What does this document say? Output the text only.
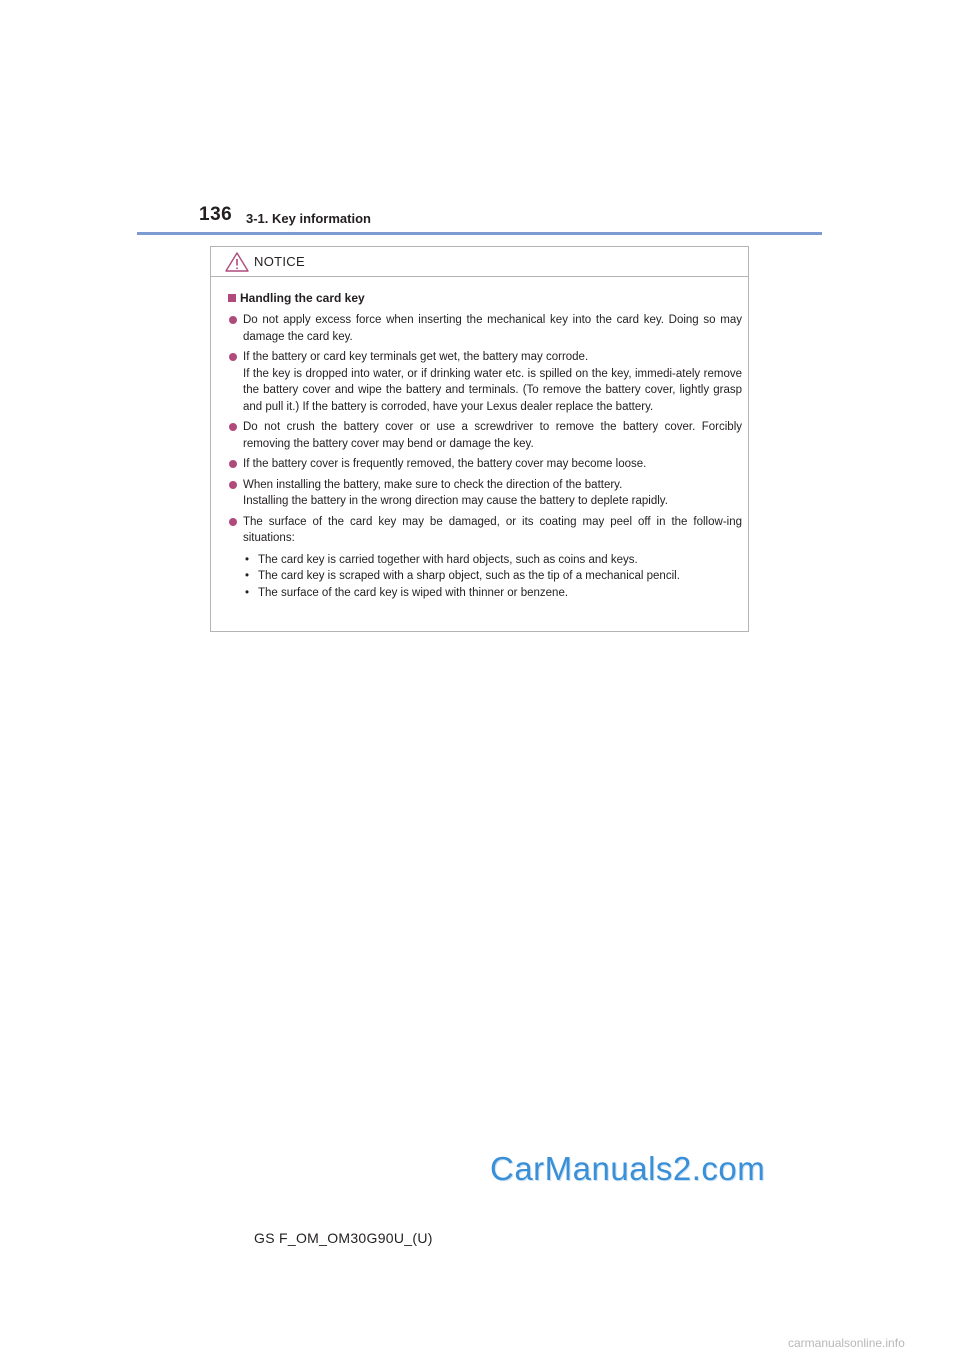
136 3-1. Key information
NOTICE
Handling the card key

Do not apply excess force when inserting the mechanical key into the card key. Doing so may damage the card key.

If the battery or card key terminals get wet, the battery may corrode.

If the key is dropped into water, or if drinking water etc. is spilled on the key, immedi-ately remove the battery cover and wipe the battery and terminals. (To remove the battery cover, lightly grasp and pull it.) If the battery is corroded, have your Lexus dealer replace the battery.

Do not crush the battery cover or use a screwdriver to remove the battery cover. Forcibly removing the battery cover may bend or damage the key.

If the battery cover is frequently removed, the battery cover may become loose.

When installing the battery, make sure to check the direction of the battery.

Installing the battery in the wrong direction may cause the battery to deplete rapidly.

The surface of the card key may be damaged, or its coating may peel off in the follow-ing situations:

• The card key is carried together with hard objects, such as coins and keys.
• The card key is scraped with a sharp object, such as the tip of a mechanical pencil.
• The surface of the card key is wiped with thinner or benzene.
CarManuals2.com
GS F_OM_OM30G90U_(U)
carmanualsonline.info
